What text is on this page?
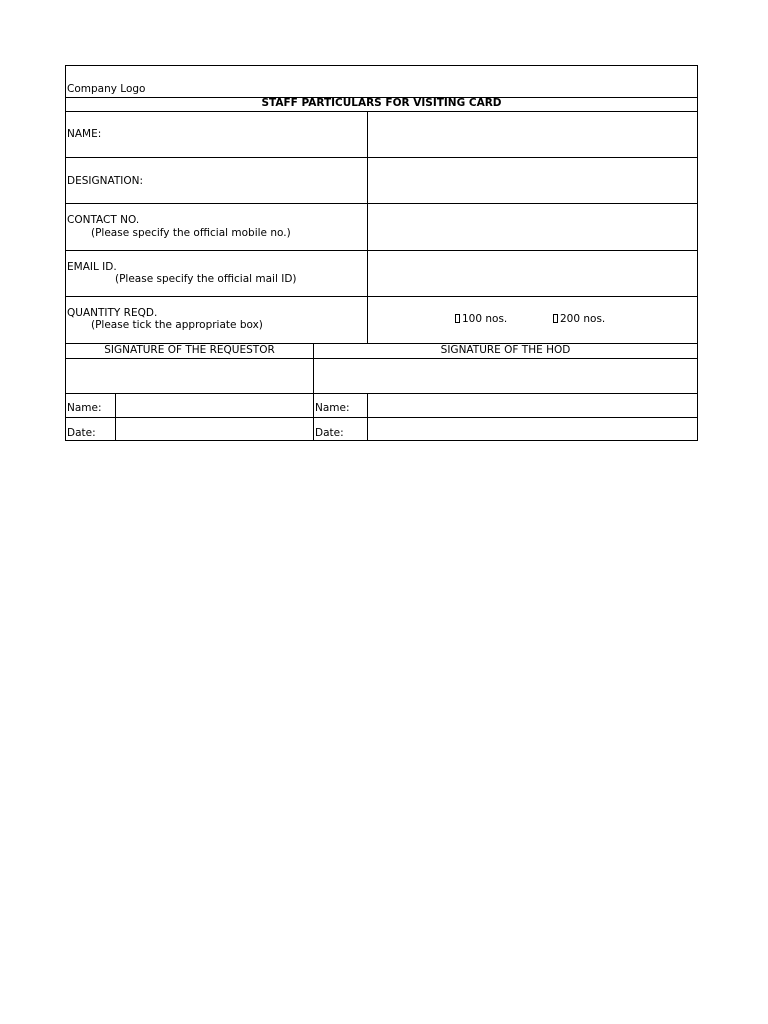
Company Logo
STAFF PARTICULARS FOR VISITING CARD
NAME:
DESIGNATION:
CONTACT NO.
(Please specify the official mobile no.)
EMAIL ID.
(Please specify the official mail ID)
QUANTITY REQD.
(Please tick the appropriate box)	100 nos.	200 nos.
SIGNATURE OF THE REQUESTOR	SIGNATURE OF THE HOD
Name:	Name:
Date:	Date:
